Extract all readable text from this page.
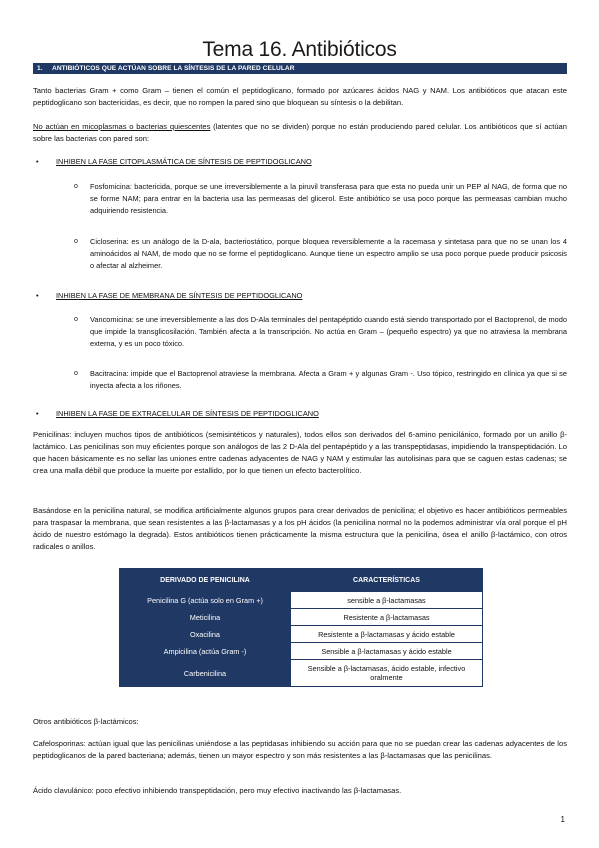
Tema 16. Antibióticos
1. ANTIBIÓTICOS QUE ACTÚAN SOBRE LA SÍNTESIS DE LA PARED CELULAR
Tanto bacterias Gram + como Gram – tienen el común el peptidoglicano, formado por azúcares ácidos NAG y NAM. Los antibióticos que atacan este peptidoglicano son bactericidas, es decir, que no rompen la pared sino que bloquean su síntesis o la debilitan.
No actúan en micoplasmas o bacterias quiescentes (latentes que no se dividen) porque no están produciendo pared celular. Los antibióticos que sí actúan sobre las bacterias con pared son:
• INHIBEN LA FASE CITOPLASMÁTICA DE SÍNTESIS DE PEPTIDOGLICANO
o Fosfomicina: bactericida, porque se une irreversiblemente a la piruvil transferasa para que esta no pueda unir un PEP al NAG, de forma que no se forme NAM; para entrar en la bacteria usa las permeasas del glicerol. Este antibiótico se usa poco porque las permeasas cambian mucho adquiriendo resistencia.
o Cicloserina: es un análogo de la D-ala, bacteriostático, porque bloquea reversiblemente a la racemasa y sintetasa para que no se unan los 4 aminoácidos al NAM, de modo que no se forme el peptidoglicano. Aunque tiene un espectro amplio se usa poco porque puede producir psicosis o afectar al alzheimer.
• INHIBEN LA FASE DE MEMBRANA DE SÍNTESIS DE PEPTIDOGLICANO
o Vancomicina: se une irreversiblemente a las dos D-Ala terminales del pentapéptido cuando está siendo transportado por el Bactoprenol, de modo que impide la transglicosilación. También afecta a la transcripción. No actúa en Gram – (pequeño espectro) ya que no atraviesa la membrana externa, y es un poco tóxico.
o Bacitracina: impide que el Bactoprenol atraviese la membrana. Afecta a Gram + y algunas Gram -. Uso tópico, restringido en clínica ya que si se inyecta afecta a los riñones.
• INHIBEN LA FASE DE EXTRACELULAR DE SÍNTESIS DE PEPTIDOGLICANO
Penicilinas: incluyen muchos tipos de antibióticos (semisintéticos y naturales), todos ellos son derivados del 6-amino penicilánico, formado por un anillo β-lactámico. Las penicilinas son muy eficientes porque son análogos de las 2 D-Ala del pentapéptido y a las transpeptidasas, impidiendo la transpeptidación. Lo que hacen básicamente es no sellar las uniones entre cadenas adyacentes de NAG y NAM y estimular las autolisinas para que se caguen estas cadenas; se crea una malla débil que produce la muerte por estallido, por lo que tienen un efecto bacterolítico.
Basándose en la penicilina natural, se modifica artificialmente algunos grupos para crear derivados de penicilina; el objetivo es hacer antibióticos permeables para traspasar la membrana, que sean resistentes a las β-lactamasas y a los pH ácidos (la penicilina normal no la podemos administrar vía oral porque el pH ácido de nuestro estómago la degrada). Estos antibióticos tienen prácticamente la misma estructura que la penicilina, ósea el anillo β-lactámico, con otros radicales o anillos.
DERIVADO DE PENICILINA	CARACTERÍSTICAS
Penicilina G (actúa solo en Gram +)	sensible a β-lactamasas
Meticilina	Resistente a β-lactamasas
Oxacilina	Resistente a β-lactamasas y ácido estable
Ampicilina (actúa Gram -)	Sensible a β-lactamasas y ácido estable
Carbenicilina	Sensible a β-lactamasas, ácido estable, infectivo oralmente
Otros antibióticos β-lactámicos:
Cafelosporinas: actúan igual que las penicilinas uniéndose a las peptidasas inhibiendo su acción para que no se puedan crear las cadenas adyacentes de los peptidoglicanos de la pared bacteriana; además, tienen un mayor espectro y son más resistentes a las β-lactamasas que las penicilinas.
Ácido clavulánico: poco efectivo inhibiendo transpeptidación, pero muy efectivo inactivando las β-lactamasas.
1
